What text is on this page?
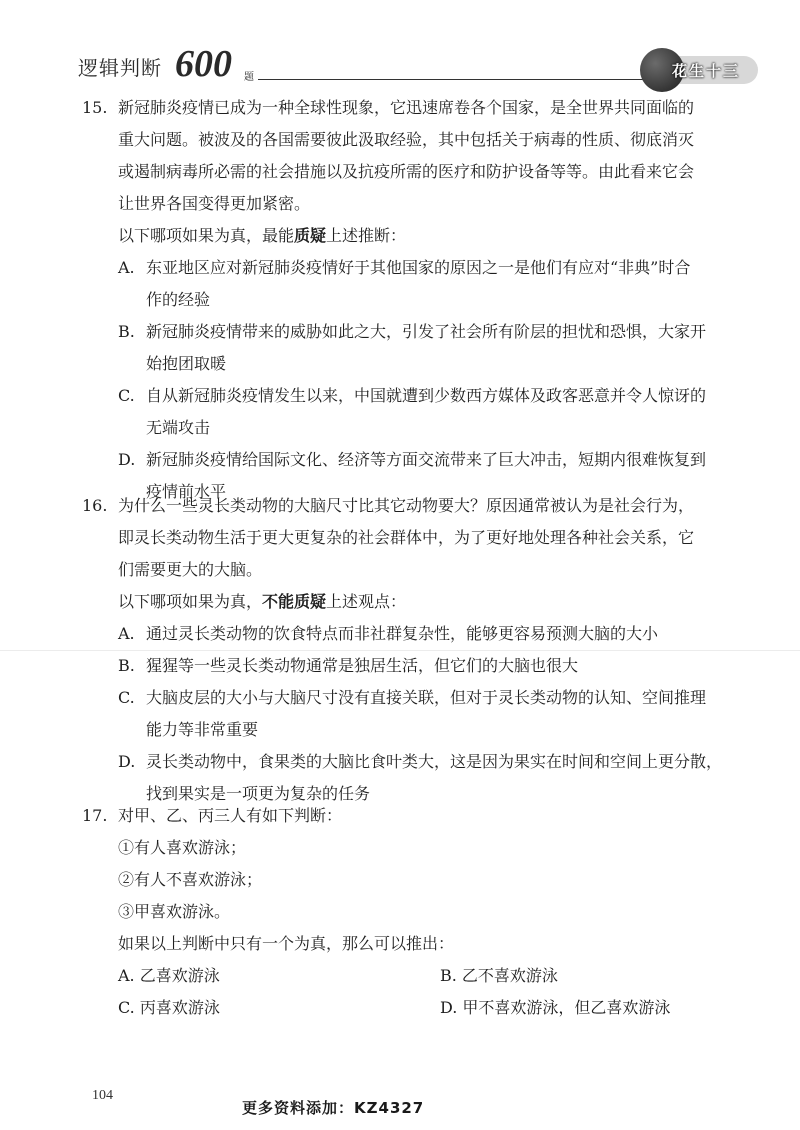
逻辑判断 600 题	花生十三
15. 新冠肺炎疫情已成为一种全球性现象，它迅速席卷各个国家，是全世界共同面临的
重大问题。被波及的各国需要彼此汲取经验，其中包括关于病毒的性质、彻底消灭
或遏制病毒所必需的社会措施以及抗疫所需的医疗和防护设备等等。由此看来它会
让世界各国变得更加紧密。
以下哪项如果为真，最能质疑上述推断：
A. 东亚地区应对新冠肺炎疫情好于其他国家的原因之一是他们有应对“非典”时合
作的经验
B. 新冠肺炎疫情带来的威胁如此之大，引发了社会所有阶层的担忧和恐惧，大家开
始抱团取暖
C. 自从新冠肺炎疫情发生以来，中国就遭到少数西方媒体及政客恶意并令人惊讶的
无端攻击
D. 新冠肺炎疫情给国际文化、经济等方面交流带来了巨大冲击，短期内很难恢复到
疫情前水平
16. 为什么一些灵长类动物的大脑尺寸比其它动物要大？原因通常被认为是社会行为，
即灵长类动物生活于更大更复杂的社会群体中，为了更好地处理各种社会关系，它
们需要更大的大脑。
以下哪项如果为真，不能质疑上述观点：
A. 通过灵长类动物的饮食特点而非社群复杂性，能够更容易预测大脑的大小
B. 猩猩等一些灵长类动物通常是独居生活，但它们的大脑也很大
C. 大脑皮层的大小与大脑尺寸没有直接关联，但对于灵长类动物的认知、空间推理
能力等非常重要
D. 灵长类动物中，食果类的大脑比食叶类大，这是因为果实在时间和空间上更分散，
找到果实是一项更为复杂的任务
17. 对甲、乙、丙三人有如下判断：
①有人喜欢游泳；
②有人不喜欢游泳；
③甲喜欢游泳。
如果以上判断中只有一个为真，那么可以推出：
A. 乙喜欢游泳	B. 乙不喜欢游泳
C. 丙喜欢游泳	D. 甲不喜欢游泳，但乙喜欢游泳
104
更多资料添加：KZ4327
